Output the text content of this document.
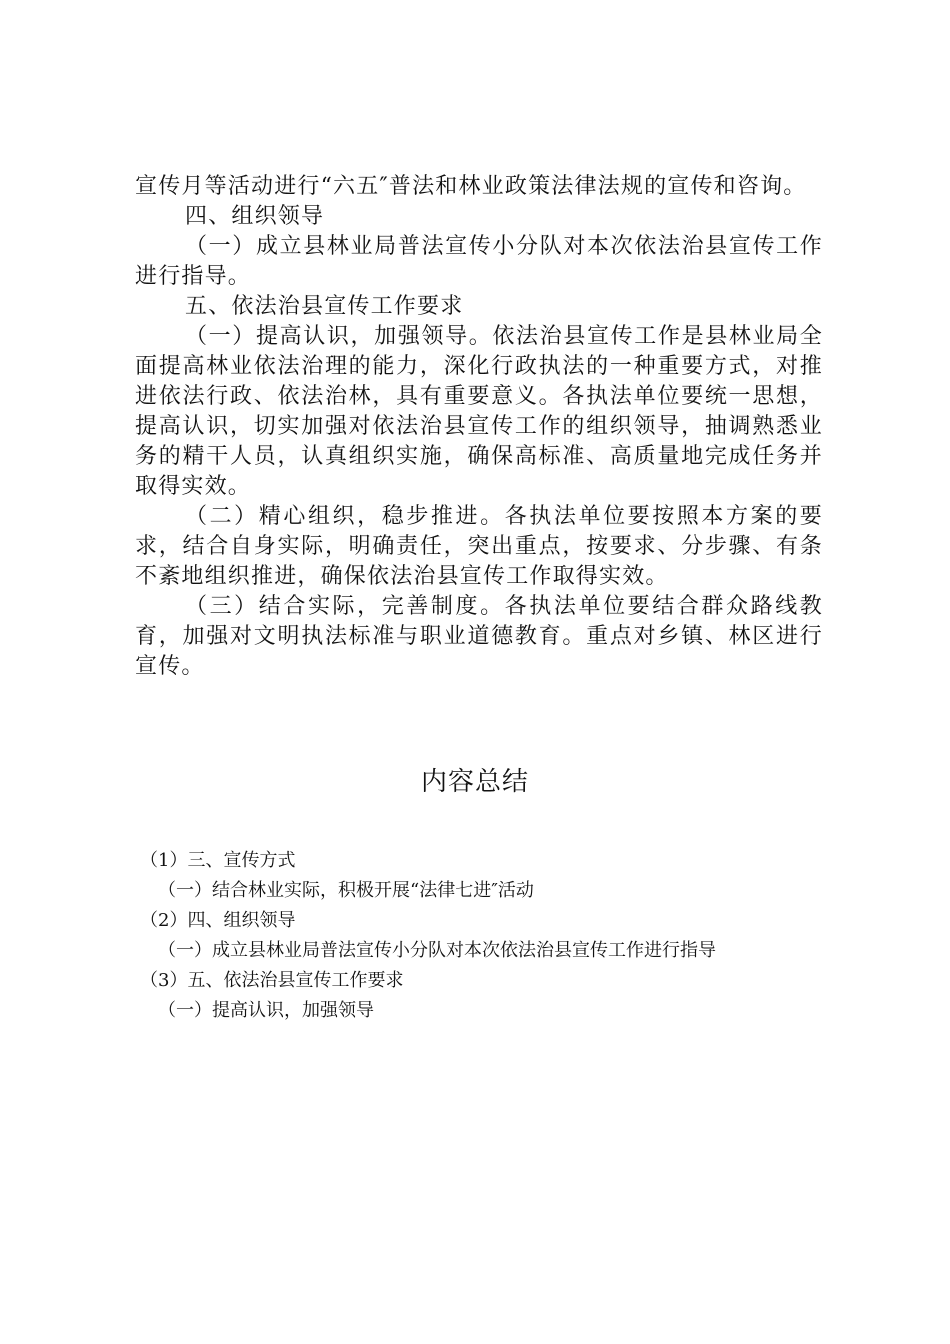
宣传月等活动进行“六五″普法和林业政策法律法规的宣传和咨询。

四、组织领导

（一）成立县林业局普法宣传小分队对本次依法治县宣传工作进行指导。

五、依法治县宣传工作要求

（一）提高认识，加强领导。依法治县宣传工作是县林业局全面提高林业依法治理的能力，深化行政执法的一种重要方式，对推进依法行政、依法治林，具有重要意义。各执法单位要统一思想，提高认识，切实加强对依法治县宣传工作的组织领导，抽调熟悉业务的精干人员，认真组织实施，确保高标准、高质量地完成任务并取得实效。

（二）精心组织，稳步推进。各执法单位要按照本方案的要求，结合自身实际，明确责任，突出重点，按要求、分步骤、有条不紊地组织推进，确保依法治县宣传工作取得实效。

（三）结合实际，完善制度。各执法单位要结合群众路线教育，加强对文明执法标准与职业道德教育。重点对乡镇、林区进行宣传。

内容总结

（1）三、宣传方式

（一）结合林业实际，积极开展“法律七进″活动

（2）四、组织领导

（一）成立县林业局普法宣传小分队对本次依法治县宣传工作进行指导

（3）五、依法治县宣传工作要求

（一）提高认识，加强领导
